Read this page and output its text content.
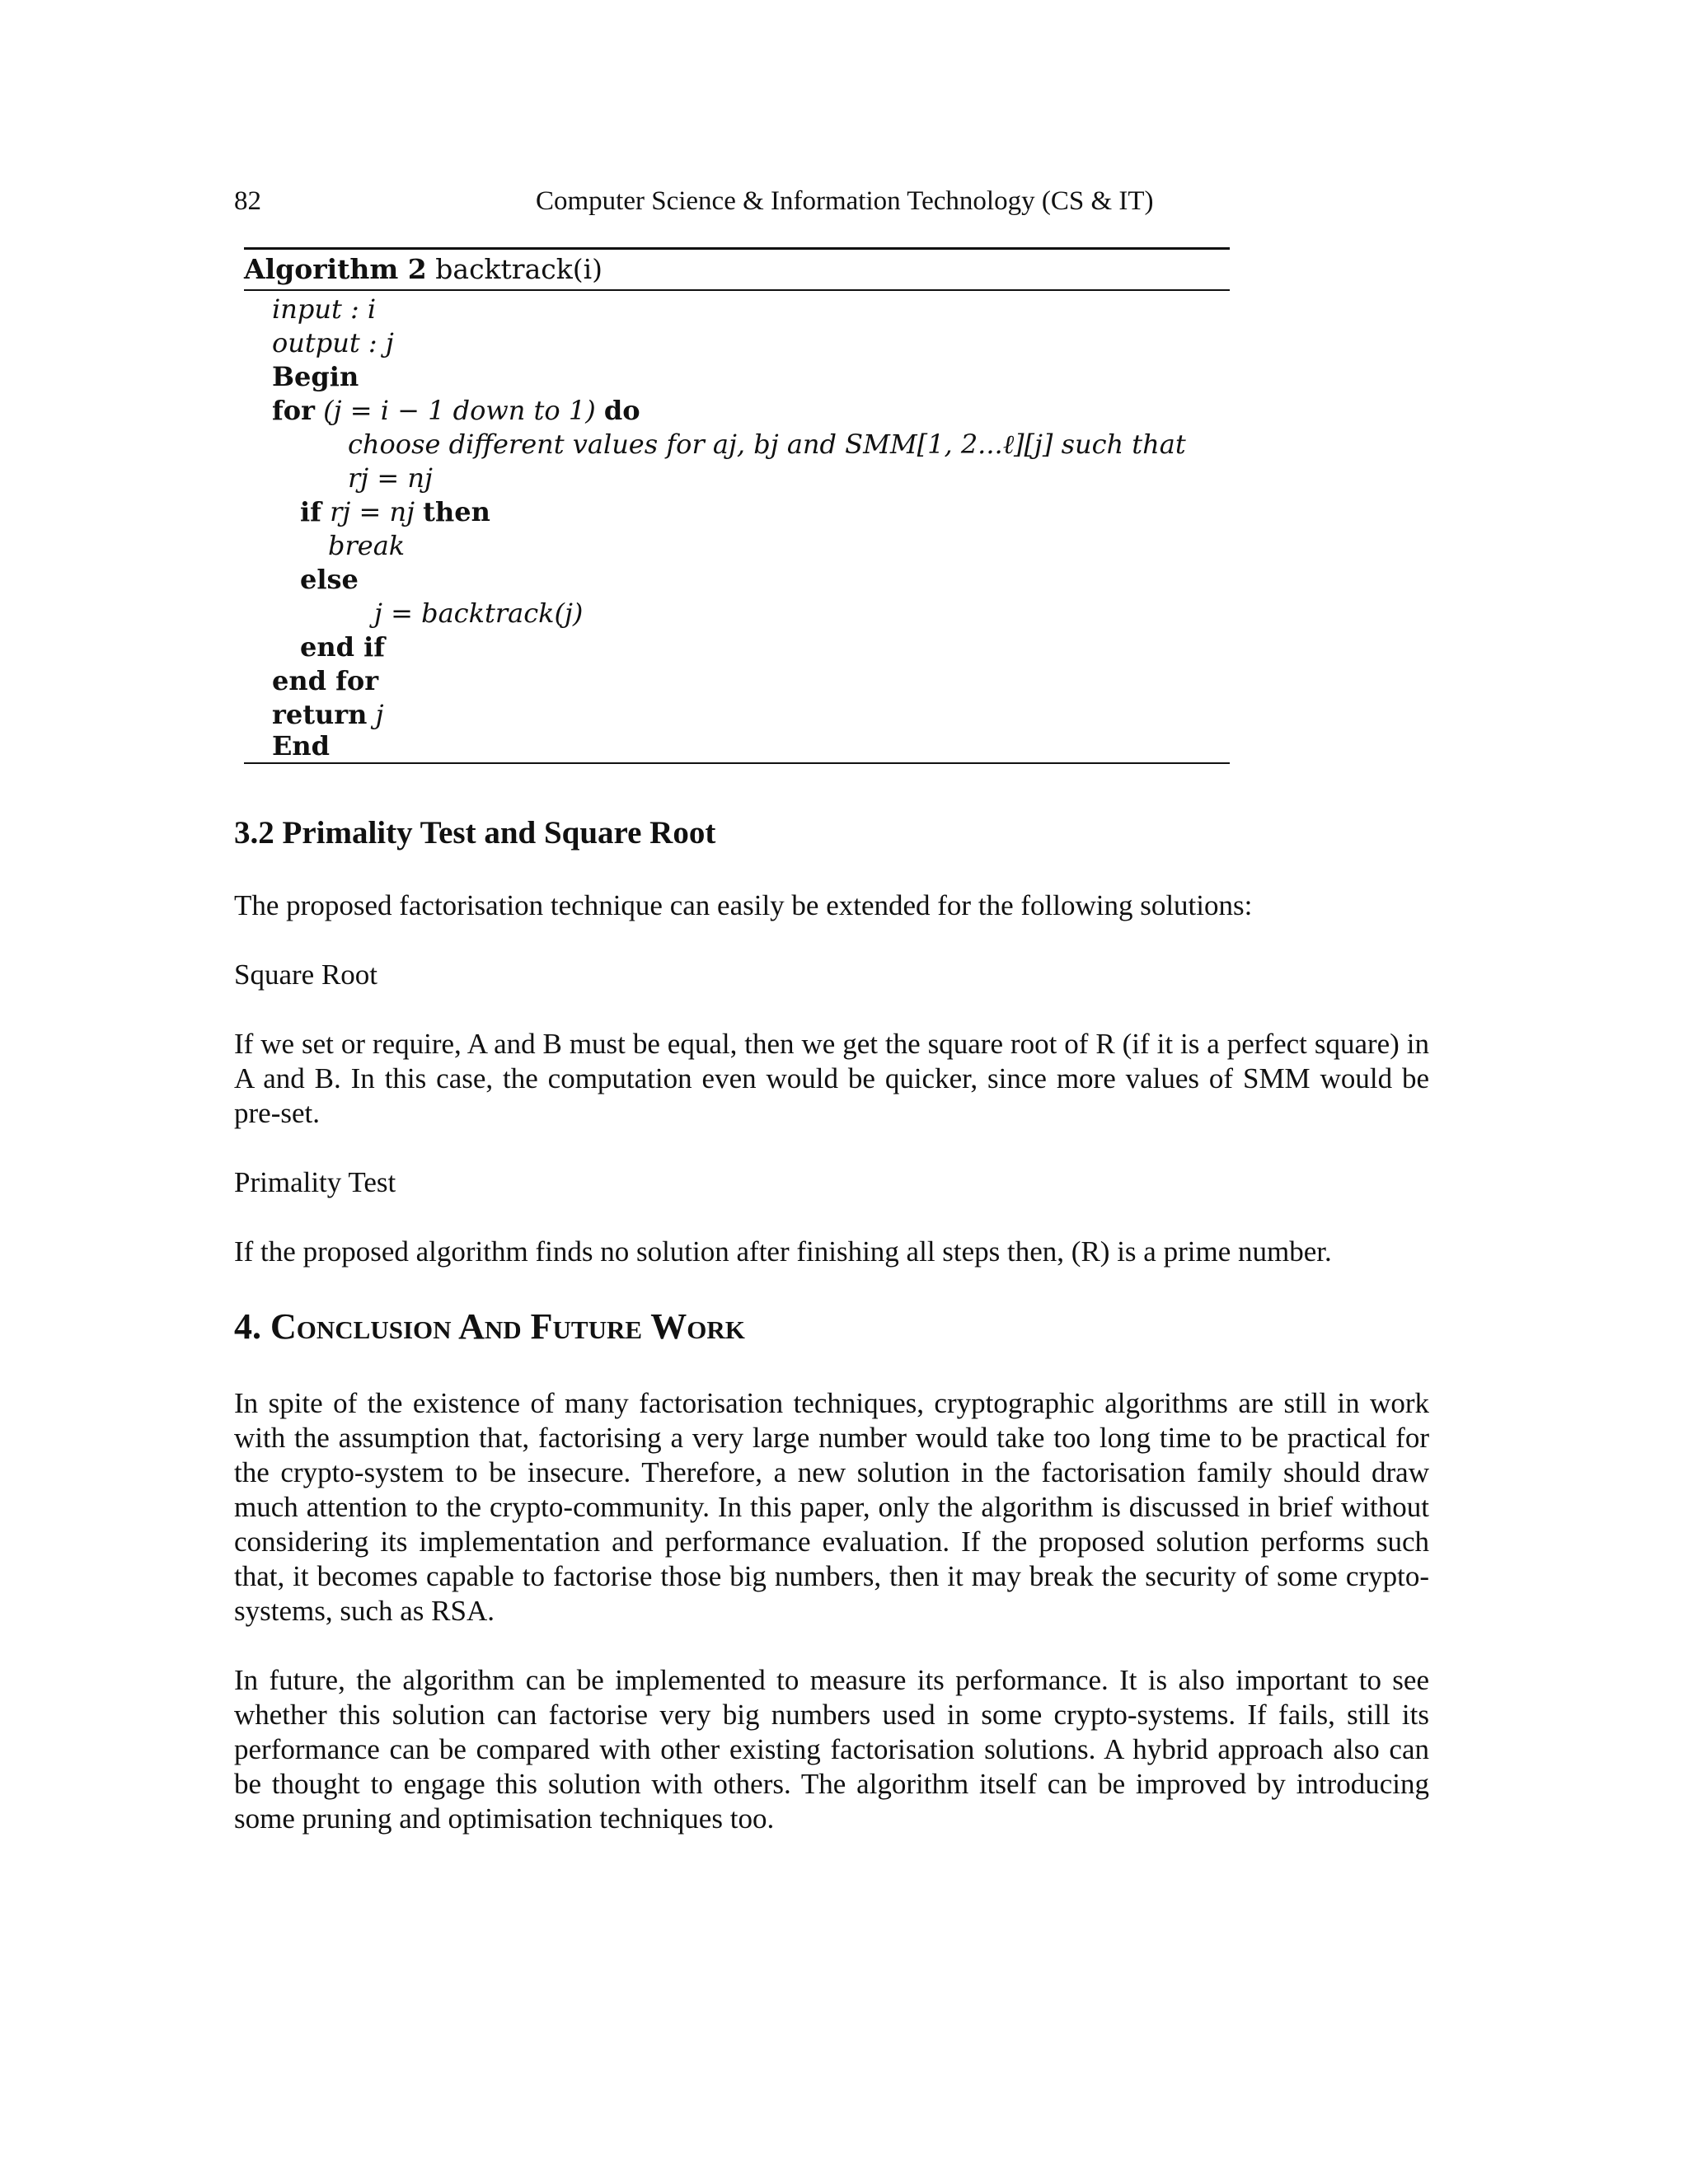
82	Computer Science & Information Technology (CS & IT)
Algorithm 2 backtrack(i)
input : i
output : j
Begin
for (j = i − 1 down to 1) do
choose different values for aj, bj and SMM[1, 2...ℓ][j] such that
rj = nj
if rj = nj then
break
else
j = backtrack(j)
end if
end for
return j
End
3.2 Primality Test and Square Root
The proposed factorisation technique can easily be extended for the following solutions:
Square Root
If we set or require, A and B must be equal, then we get the square root of R (if it is a perfect square) in A and B. In this case, the computation even would be quicker, since more values of SMM would be pre-set.
Primality Test
If the proposed algorithm finds no solution after finishing all steps then, (R) is a prime number.
4. Conclusion And Future Work
In spite of the existence of many factorisation techniques, cryptographic algorithms are still in work with the assumption that, factorising a very large number would take too long time to be practical for the crypto-system to be insecure. Therefore, a new solution in the factorisation family should draw much attention to the crypto-community. In this paper, only the algorithm is discussed in brief without considering its implementation and performance evaluation. If the proposed solution performs such that, it becomes capable to factorise those big numbers, then it may break the security of some crypto-systems, such as RSA.
In future, the algorithm can be implemented to measure its performance. It is also important to see whether this solution can factorise very big numbers used in some crypto-systems. If fails, still its performance can be compared with other existing factorisation solutions. A hybrid approach also can be thought to engage this solution with others. The algorithm itself can be improved by introducing some pruning and optimisation techniques too.
